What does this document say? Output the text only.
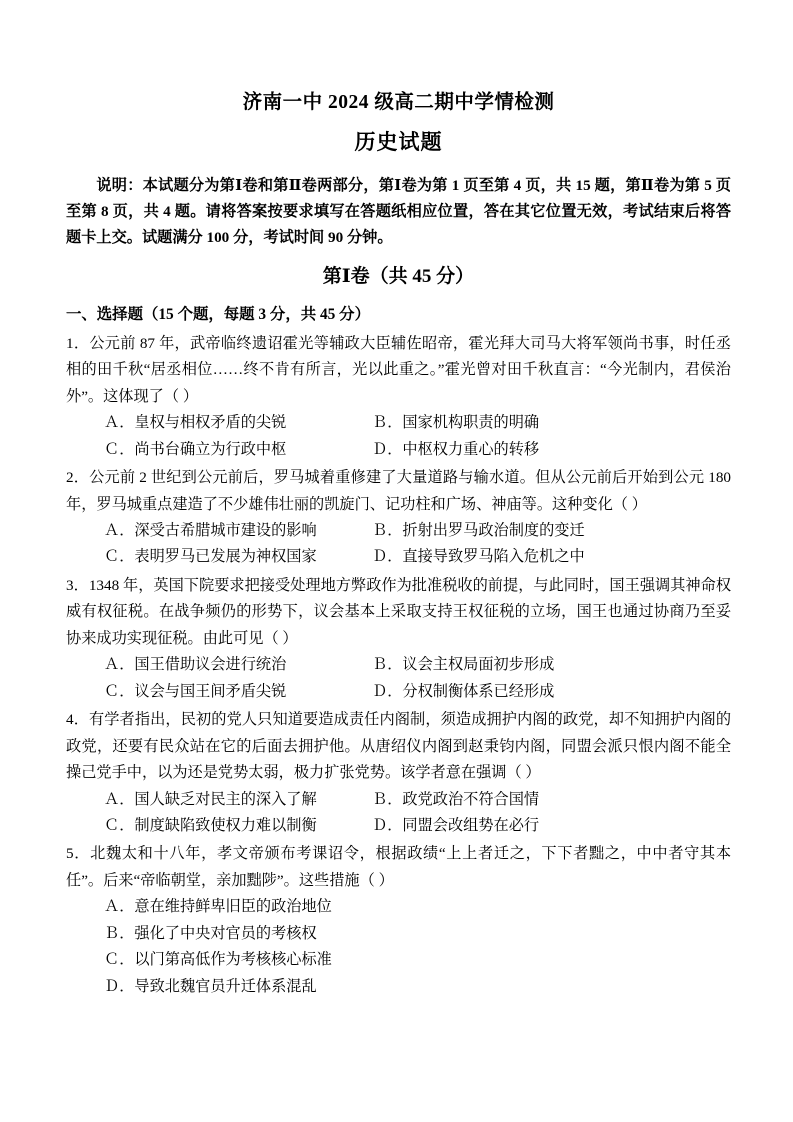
济南一中 2024 级高二期中学情检测
历史试题

说明：本试题分为第Ⅰ卷和第Ⅱ卷两部分，第Ⅰ卷为第 1 页至第 4 页，共 15 题，第Ⅱ卷为第 5 页至第 8 页，共 4 题。请将答案按要求填写在答题纸相应位置，答在其它位置无效，考试结束后将答题卡上交。试题满分 100 分，考试时间 90 分钟。

第Ⅰ卷（共 45 分）

一、选择题（15 个题，每题 3 分，共 45 分）

1．公元前 87 年，武帝临终遗诏霍光等辅政大臣辅佐昭帝，霍光拜大司马大将军领尚书事，时任丞相的田千秋“居丞相位……终不肯有所言，光以此重之。”霍光曾对田千秋直言：“今光制内，君侯治外”。这体现了（ ）

Ａ．皇权与相权矛盾的尖锐	Ｂ．国家机构职责的明确
Ｃ．尚书台确立为行政中枢	Ｄ．中枢权力重心的转移

2．公元前 2 世纪到公元前后，罗马城着重修建了大量道路与输水道。但从公元前后开始到公元 180 年，罗马城重点建造了不少雄伟壮丽的凯旋门、记功柱和广场、神庙等。这种变化（ ）

Ａ．深受古希腊城市建设的影响	Ｂ．折射出罗马政治制度的变迁
Ｃ．表明罗马已发展为神权国家	Ｄ．直接导致罗马陷入危机之中

3．1348 年，英国下院要求把接受处理地方弊政作为批准税收的前提，与此同时，国王强调其神命权威有权征税。在战争频仍的形势下，议会基本上采取支持王权征税的立场，国王也通过协商乃至妥协来成功实现征税。由此可见（ ）

Ａ．国王借助议会进行统治	Ｂ．议会主权局面初步形成
Ｃ．议会与国王间矛盾尖锐	Ｄ．分权制衡体系已经形成

4．有学者指出，民初的党人只知道要造成责任内阁制，须造成拥护内阁的政党，却不知拥护内阁的政党，还要有民众站在它的后面去拥护他。从唐绍仪内阁到赵秉钧内阁，同盟会派只恨内阁不能全操己党手中，以为还是党势太弱，极力扩张党势。该学者意在强调（ ）

Ａ．国人缺乏对民主的深入了解	Ｂ．政党政治不符合国情
Ｃ．制度缺陷致使权力难以制衡	Ｄ．同盟会改组势在必行

5．北魏太和十八年，孝文帝颁布考课诏令，根据政绩“上上者迁之，下下者黜之，中中者守其本任”。后来“帝临朝堂，亲加黜陟”。这些措施（ ）

Ａ．意在维持鲜卑旧臣的政治地位
Ｂ．强化了中央对官员的考核权
Ｃ．以门第高低作为考核核心标准
Ｄ．导致北魏官员升迁体系混乱
